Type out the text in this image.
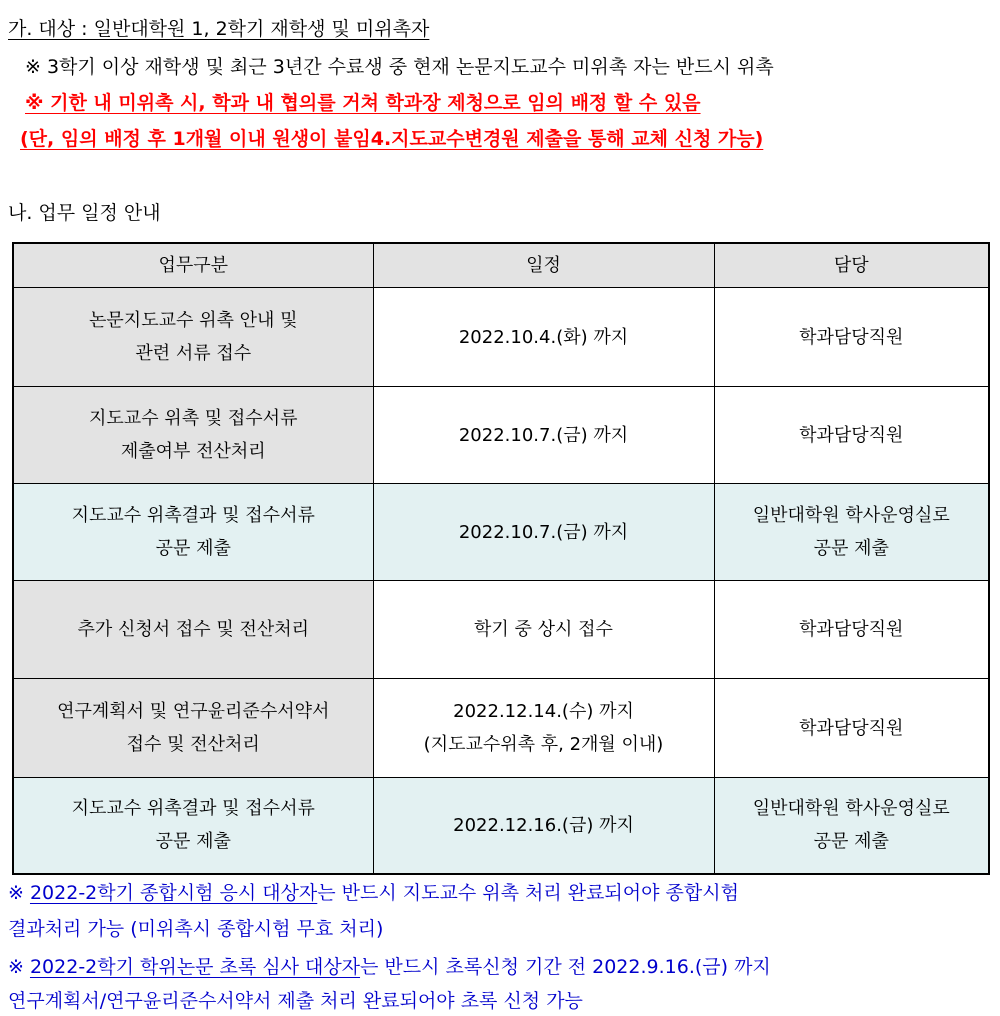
가. 대상 : 일반대학원 1, 2학기 재학생 및 미위촉자
※ 3학기 이상 재학생 및 최근 3년간 수료생 중 현재 논문지도교수 미위촉 자는 반드시 위촉
※ 기한 내 미위촉 시, 학과 내 협의를 거쳐 학과장 제청으로 임의 배정 할 수 있음
(단, 임의 배정 후 1개월 이내 원생이 붙임4.지도교수변경원 제출을 통해 교체 신청 가능)
나. 업무 일정 안내
업무구분	일정	담당

논문지도교수 위촉 안내 및
관련 서류 접수	2022.10.4.(화) 까지	학과담당직원

지도교수 위촉 및 접수서류
제출여부 전산처리	2022.10.7.(금) 까지	학과담당직원

지도교수 위촉결과 및 접수서류
공문 제출	2022.10.7.(금) 까지	일반대학원 학사운영실로
공문 제출

추가 신청서 접수 및 전산처리	학기 중 상시 접수	학과담당직원

연구계획서 및 연구윤리준수서약서
접수 및 전산처리	2022.12.14.(수) 까지
(지도교수위촉 후, 2개월 이내)	학과담당직원

지도교수 위촉결과 및 접수서류
공문 제출	2022.12.16.(금) 까지	일반대학원 학사운영실로
공문 제출
※ 2022-2학기 종합시험 응시 대상자는 반드시 지도교수 위촉 처리 완료되어야 종합시험
결과처리 가능 (미위촉시 종합시험 무효 처리)
※ 2022-2학기 학위논문 초록 심사 대상자는 반드시 초록신청 기간 전 2022.9.16.(금) 까지
연구계획서/연구윤리준수서약서 제출 처리 완료되어야 초록 신청 가능
